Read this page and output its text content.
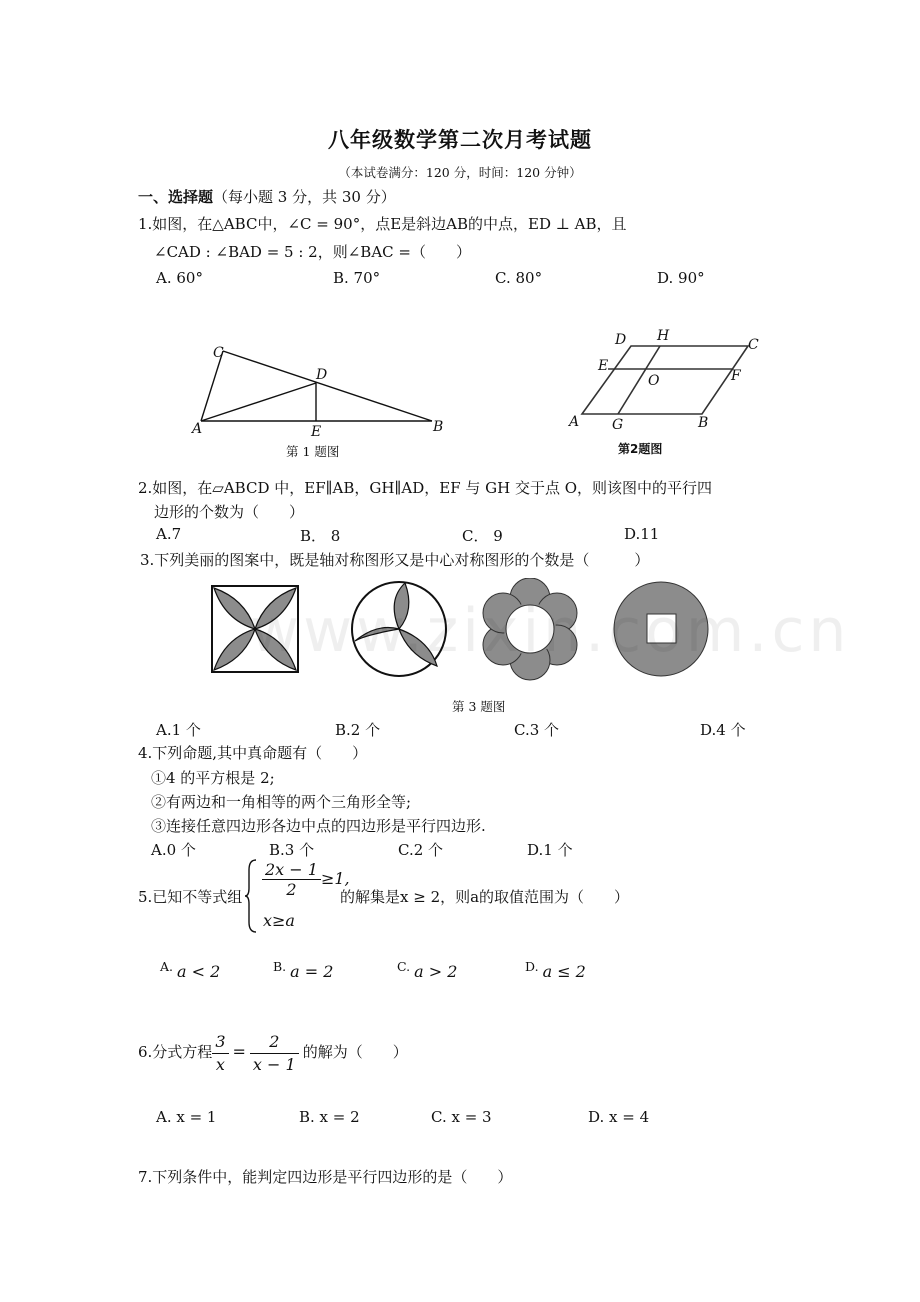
八年级数学第二次月考试题
（本试卷满分：120 分，时间：120 分钟）
一、选择题（每小题 3 分，共 30 分）
1.如图，在△ABC中，∠C = 90°，点E是斜边AB的中点，ED ⊥ AB，且
∠CAD : ∠BAD = 5 : 2，则∠BAC =（　　）
A. 60°	B. 70°	C. 80°	D. 90°
C
D
A	E	B
第 1 题图
D H
C
E
O	F
A G	B
第2题图
2.如图，在▱ABCD 中，EF∥AB，GH∥AD，EF 与 GH 交于点 O，则该图中的平行四
边形的个数为（　　）
A.7	B． 8	C． 9	D.11
3.下列美丽的图案中，既是轴对称图形又是中心对称图形的个数是（　　　）
www.zixin.com.cn
第 3 题图
A.1 个	B.2 个	C.3 个	D.4 个
4.下列命题,其中真命题有（　　）
①4 的平方根是 2;
②有两边和一角相等的两个三角形全等;
③连接任意四边形各边中点的四边形是平行四边形.
A.0 个	B.3 个	C.2 个	D.1 个
5.已知不等式组 $\frac{2x - 1}{2} \ge 1$,
x≥a
的解集是x ≥ 2，则a的取值范围为（　　）
A. a < 2	B. a = 2	C. a > 2	D. a ≤ 2
6.分式方程 $\frac{3}{x} = \frac{2}{x - 1}$ 的解为（　　）
A. x = 1	B. x = 2	C. x = 3	D. x = 4
7.下列条件中，能判定四边形是平行四边形的是（　　）
